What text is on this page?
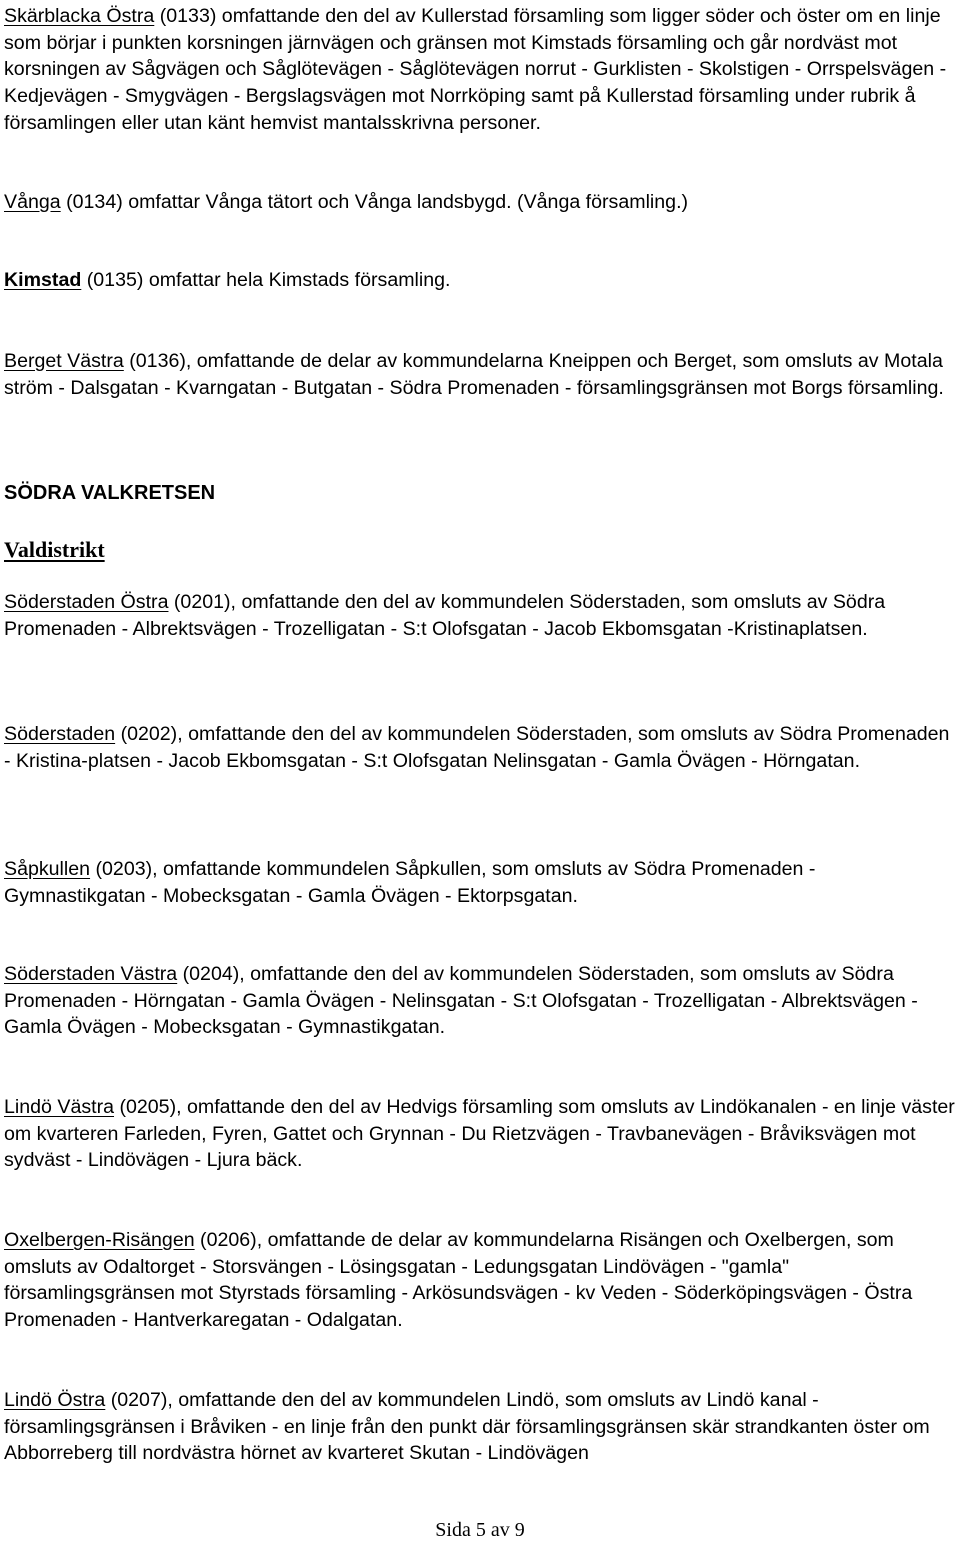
Skärblacka Östra (0133) omfattande den del av Kullerstad församling som ligger söder och öster om en linje som börjar i punkten korsningen järnvägen och gränsen mot Kimstads församling och går nordväst mot korsningen av Sågvägen och Såglötevägen - Såglötevägen norrut - Gurklisten - Skolstigen - Orrspelsvägen - Kedjevägen - Smygvägen - Bergslagsvägen mot Norrköping samt på Kullerstad församling under rubrik å församlingen eller utan känt hemvist mantalsskrivna personer.

Vånga (0134) omfattar Vånga tätort och Vånga landsbygd. (Vånga församling.)

Kimstad (0135) omfattar hela Kimstads församling.

Berget Västra (0136), omfattande de delar av kommundelarna Kneippen och Berget, som omsluts av Motala ström - Dalsgatan - Kvarngatan - Butgatan - Södra Promenaden - församlingsgränsen mot Borgs församling.

SÖDRA VALKRETSEN
Valdistrikt

Söderstaden Östra (0201), omfattande den del av kommundelen Söderstaden, som omsluts av Södra Promenaden - Albrektsvägen - Trozelligatan - S:t Olofsgatan - Jacob Ekbomsgatan -Kristinaplatsen.

Söderstaden (0202), omfattande den del av kommundelen Söderstaden, som omsluts av Södra Promenaden - Kristina-platsen - Jacob Ekbomsgatan - S:t Olofsgatan Nelinsgatan - Gamla Övägen - Hörngatan.

Såpkullen (0203), omfattande kommundelen Såpkullen, som omsluts av Södra Promenaden - Gymnastikgatan - Mobecksgatan - Gamla Övägen - Ektorpsgatan.

Söderstaden Västra (0204), omfattande den del av kommundelen Söderstaden, som omsluts av Södra Promenaden - Hörngatan - Gamla Övägen - Nelinsgatan - S:t Olofsgatan - Trozelligatan - Albrektsvägen - Gamla Övägen - Mobecksgatan - Gymnastikgatan.

Lindö Västra (0205), omfattande den del av Hedvigs församling som omsluts av Lindökanalen - en linje väster om kvarteren Farleden, Fyren, Gattet och Grynnan - Du Rietzvägen - Travbanevägen - Bråviksvägen mot sydväst - Lindövägen - Ljura bäck.

Oxelbergen-Risängen (0206), omfattande de delar av kommundelarna Risängen och Oxelbergen, som omsluts av Odaltorget - Storsvängen - Lösingsgatan - Ledungsgatan Lindövägen - "gamla" församlingsgränsen mot Styrstads församling - Arkösundsvägen - kv Veden - Söderköpingsvägen - Östra Promenaden - Hantverkaregatan - Odalgatan.

Lindö Östra (0207), omfattande den del av kommundelen Lindö, som omsluts av Lindö kanal - församlingsgränsen i Bråviken - en linje från den punkt där församlingsgränsen skär strandkanten öster om Abborreberg till nordvästra hörnet av kvarteret Skutan - Lindövägen

Sida 5 av 9
